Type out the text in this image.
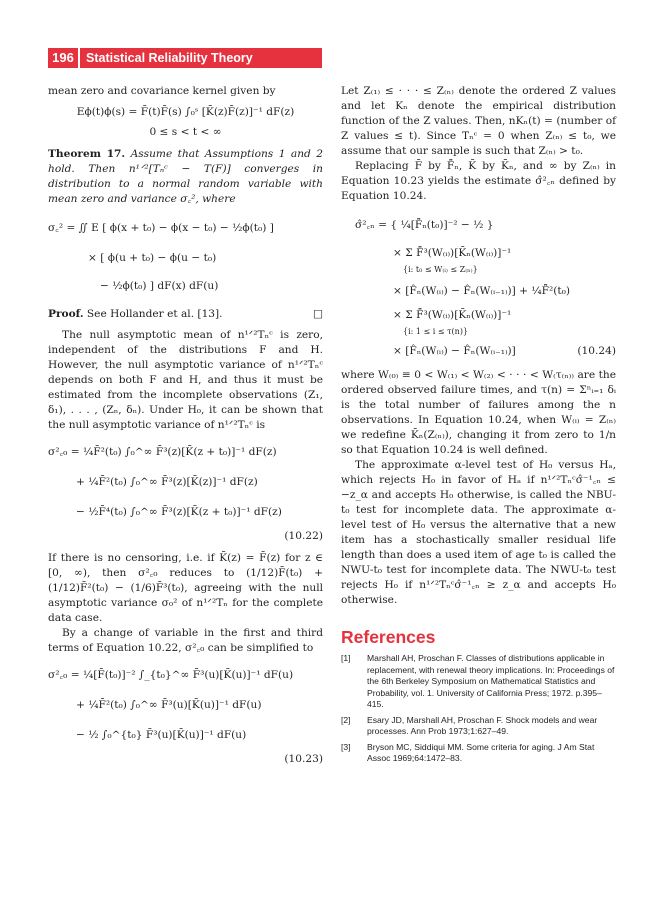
196 Statistical Reliability Theory

mean zero and covariance kernel given by

Eϕ(t)ϕ(s) = F̄(t)F̄(s) ∫₀ˢ [K̄(z)F̄(z)]⁻¹ dF(z)
0 ≤ s < t < ∞

Theorem 17. Assume that Assumptions 1 and 2 hold. Then n¹ᐟ²[Tₙᶜ − T(F)] converges in distribution to a normal random variable with mean zero and variance σ꜀², where

σ꜀² = ∬ E [ ϕ(x + t₀) − ϕ(x − t₀) − ½ϕ(t₀) ]
× [ ϕ(u + t₀) − ϕ(u − t₀)
− ½ϕ(t₀) ] dF(x) dF(u)

Proof. See Hollander et al. [13].	□

The null asymptotic mean of n¹ᐟ²Tₙᶜ is zero, independent of the distributions F and H. However, the null asymptotic variance of n¹ᐟ²Tₙᶜ depends on both F and H, and thus it must be estimated from the incomplete observations (Z₁, δ₁), . . . , (Zₙ, δₙ). Under H₀, it can be shown that the null asymptotic variance of n¹ᐟ²Tₙᶜ is

σ²꜀₀ = ¼F̄²(t₀) ∫₀^∞ F̄³(z)[K̄(z + t₀)]⁻¹ dF(z)
+ ¼F̄²(t₀) ∫₀^∞ F̄³(z)[K̄(z)]⁻¹ dF(z)
− ½F̄⁴(t₀) ∫₀^∞ F̄³(z)[K̄(z + t₀)]⁻¹ dF(z)
(10.22)

If there is no censoring, i.e. if K̄(z) = F̄(z) for z ∈ [0, ∞), then σ²꜀₀ reduces to (1/12)F̄(t₀) + (1/12)F̄²(t₀) − (1/6)F̄³(t₀), agreeing with the null asymptotic variance σ₀² of n¹ᐟ²Tₙ for the complete data case.

By a change of variable in the first and third terms of Equation 10.22, σ²꜀₀ can be simplified to

σ²꜀₀ = ¼[F̄(t₀)]⁻² ∫_{t₀}^∞ F̄³(u)[K̄(u)]⁻¹ dF(u)
+ ¼F̄²(t₀) ∫₀^∞ F̄³(u)[K̄(u)]⁻¹ dF(u)
− ½ ∫₀^{t₀} F̄³(u)[K̄(u)]⁻¹ dF(u)
(10.23)

Let Z₍₁₎ ≤ · · · ≤ Z₍ₙ₎ denote the ordered Z values and let Kₙ denote the empirical distribution function of the Z values. Then, nKₙ(t) = (number of Z values ≤ t). Since Tₙᶜ = 0 when Z₍ₙ₎ ≤ t₀, we assume that our sample is such that Z₍ₙ₎ > t₀.

Replacing F̄ by F̂̄ₙ, K̄ by K̄ₙ, and ∞ by Z₍ₙ₎ in Equation 10.23 yields the estimate σ̂²꜀ₙ defined by Equation 10.24.

σ̂²꜀ₙ = { ¼[F̂̄ₙ(t₀)]⁻² − ½ }
× Σ F̂̄³(W₍ᵢ₎)[K̄ₙ(W₍ᵢ₎)]⁻¹
{i: t₀ ≤ W₍ᵢ₎ ≤ Z₍ₙ₎}
× [F̂ₙ(W₍ᵢ₎) − F̂ₙ(W₍ᵢ₋₁₎)] + ¼F̂̄²(t₀)
× Σ F̂̄³(W₍ᵢ₎)[K̄ₙ(W₍ᵢ₎)]⁻¹
{i: 1 ≤ i ≤ τ(n)}
× [F̂ₙ(W₍ᵢ₎) − F̂ₙ(W₍ᵢ₋₁₎)]	(10.24)

where W₍₀₎ ≡ 0 < W₍₁₎ < W₍₂₎ < · · · < W₍τ₍ₙ₎₎ are the ordered observed failure times, and τ(n) = Σⁿᵢ₌₁ δᵢ is the total number of failures among the n observations. In Equation 10.24, when W₍ᵢ₎ = Z₍ₙ₎ we redefine K̄ₙ(Z₍ₙ₎), changing it from zero to 1/n so that Equation 10.24 is well defined.

The approximate α-level test of H₀ versus Hₐ, which rejects H₀ in favor of Hₐ if n¹ᐟ²Tₙᶜσ̂⁻¹꜀ₙ ≤ −z_α and accepts H₀ otherwise, is called the NBU-t₀ test for incomplete data. The approximate α-level test of H₀ versus the alternative that a new item has a stochastically smaller residual life length than does a used item of age t₀ is called the NWU-t₀ test for incomplete data. The NWU-t₀ test rejects H₀ if n¹ᐟ²Tₙᶜσ̂⁻¹꜀ₙ ≥ z_α and accepts H₀ otherwise.

References

[1] Marshall AH, Proschan F. Classes of distributions applicable in replacement, with renewal theory implications. In: Proceedings of the 6th Berkeley Symposium on Mathematical Statistics and Probability, vol. 1. University of California Press; 1972. p.395–415.
[2] Esary JD, Marshall AH, Proschan F. Shock models and wear processes. Ann Prob 1973;1:627–49.
[3] Bryson MC, Siddiqui MM. Some criteria for aging. J Am Stat Assoc 1969;64:1472–83.
